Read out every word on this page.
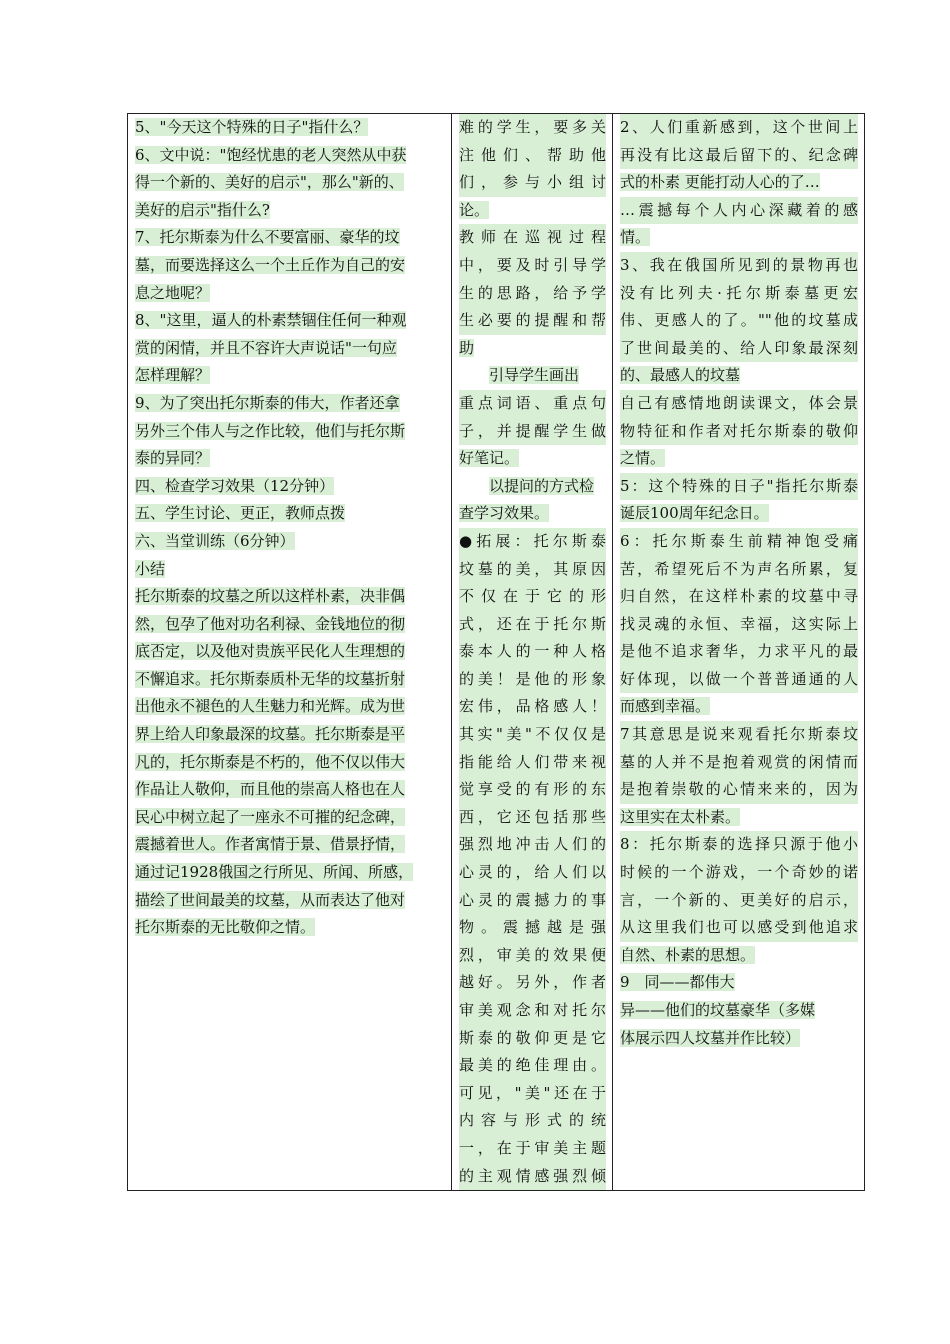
5、"今天这个特殊的日子"指什么？
6、文中说："饱经忧患的老人突然从中获
得一个新的、美好的启示"，那么"新的、
美好的启示"指什么?
7、托尔斯泰为什么不要富丽、豪华的坟
墓，而要选择这么一个土丘作为自己的安
息之地呢？
8、"这里，逼人的朴素禁锢住任何一种观
赏的闲情，并且不容许大声说话"一句应
怎样理解？
9、为了突出托尔斯泰的伟大，作者还拿
另外三个伟人与之作比较，他们与托尔斯
泰的异同？
四、检查学习效果（12分钟）
五、学生讨论、更正，教师点拨
六、当堂训练（6分钟）
小结
托尔斯泰的坟墓之所以这样朴素，决非偶
然，包孕了他对功名利禄、金钱地位的彻
底否定，以及他对贵族平民化人生理想的
不懈追求。托尔斯泰质朴无华的坟墓折射
出他永不褪色的人生魅力和光辉。成为世
界上给人印象最深的坟墓。托尔斯泰是平
凡的，托尔斯泰是不朽的，他不仅以伟大
作品让人敬仰，而且他的崇高人格也在人
民心中树立起了一座永不可摧的纪念碑，
震撼着世人。作者寓情于景、借景抒情，
通过记1928俄国之行所见、所闻、所感，
描绘了世间最美的坟墓，从而表达了他对
托尔斯泰的无比敬仰之情。

难的学生，要多关
注他们、帮助他
们，参与小组讨
论。
教师在巡视过程
中，要及时引导学
生的思路，给予学
生必要的提醒和帮
助
引导学生画出
重点词语、重点句
子，并提醒学生做
好笔记。
以提问的方式检
查学习效果。
●拓展：托尔斯泰
坟墓的美，其原因
不仅在于它的形
式，还在于托尔斯
泰本人的一种人格
的美！是他的形象
宏伟，品格感人！
其实"美"不仅仅是
指能给人们带来视
觉享受的有形的东
西，它还包括那些
强烈地冲击人们的
心灵的，给人们以
心灵的震撼力的事
物。震撼越是强
烈，审美的效果便
越好。另外，作者
审美观念和对托尔
斯泰的敬仰更是它
最美的绝佳理由。
可见，"美"还在于
内容与形式的统
一，在于审美主题
的主观情感强烈倾

2、人们重新感到，这个世间上
再没有比这最后留下的、纪念碑
式的朴素 更能打动人心的了…
…震撼每个人内心深藏着的感
情。
3、我在俄国所见到的景物再也
没有比列夫·托尔斯泰墓更宏
伟、更感人的了。""他的坟墓成
了世间最美的、给人印象最深刻
的、最感人的坟墓
自己有感情地朗读课文，体会景
物特征和作者对托尔斯泰的敬仰
之情。
5：这个特殊的日子"指托尔斯泰
诞辰100周年纪念日。
6：托尔斯泰生前精神饱受痛
苦，希望死后不为声名所累，复
归自然，在这样朴素的坟墓中寻
找灵魂的永恒、幸福，这实际上
是他不追求奢华，力求平凡的最
好体现，以做一个普普通通的人
而感到幸福。
7其意思是说来观看托尔斯泰坟
墓的人并不是抱着观赏的闲情而
是抱着崇敬的心情来来的，因为
这里实在太朴素。
8：托尔斯泰的选择只源于他小
时候的一个游戏，一个奇妙的诺
言，一个新的、更美好的启示，
从这里我们也可以感受到他追求
自然、朴素的思想。
9　同——都伟大
异——他们的坟墓豪华（多媒
体展示四人坟墓并作比较）
